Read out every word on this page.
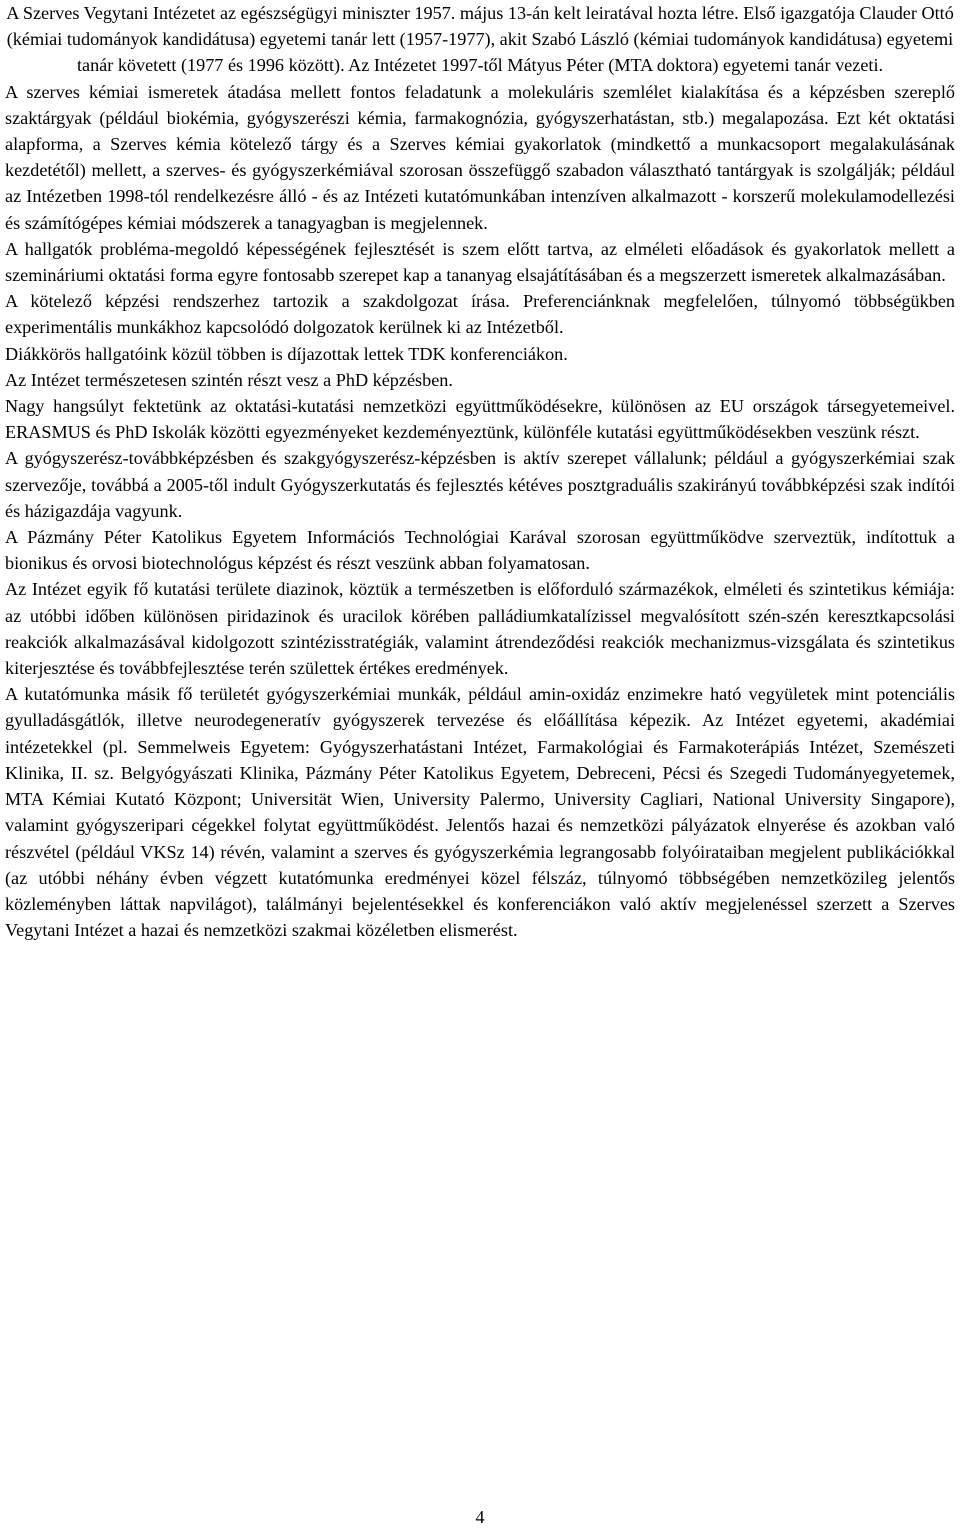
A Szerves Vegytani Intézetet az egészségügyi miniszter 1957. május 13-án kelt leiratával hozta létre. Első igazgatója Clauder Ottó (kémiai tudományok kandidátusa) egyetemi tanár lett (1957-1977), akit Szabó László (kémiai tudományok kandidátusa) egyetemi tanár követett (1977 és 1996 között). Az Intézetet 1997-től Mátyus Péter (MTA doktora) egyetemi tanár vezeti.

A szerves kémiai ismeretek átadása mellett fontos feladatunk a molekuláris szemlélet kialakítása és a képzésben szereplő szaktárgyak (például biokémia, gyógyszerészi kémia, farmakognózia, gyógyszerhatástan, stb.) megalapozása. Ezt két oktatási alapforma, a Szerves kémia kötelező tárgy és a Szerves kémiai gyakorlatok (mindkettő a munkacsoport megalakulásának kezdetétől) mellett, a szerves- és gyógyszerkémiával szorosan összefüggő szabadon választható tantárgyak is szolgálják; például az Intézetben 1998-tól rendelkezésre álló - és az Intézeti kutatómunkában intenzíven alkalmazott - korszerű molekulamodellezési és számítógépes kémiai módszerek a tanagyagban is megjelennek.

A hallgatók probléma-megoldó képességének fejlesztését is szem előtt tartva, az elméleti előadások és gyakorlatok mellett a szemináriumi oktatási forma egyre fontosabb szerepet kap a tananyag elsajátításában és a megszerzett ismeretek alkalmazásában.

A kötelező képzési rendszerhez tartozik a szakdolgozat írása. Preferenciánknak megfelelően, túlnyomó többségükben experimentális munkákhoz kapcsolódó dolgozatok kerülnek ki az Intézetből.

Diákkörös hallgatóink közül többen is díjazottak lettek TDK konferenciákon.

Az Intézet természetesen szintén részt vesz a PhD képzésben.

Nagy hangsúlyt fektetünk az oktatási-kutatási nemzetközi együttműködésekre, különösen az EU országok társegyetemeivel. ERASMUS és PhD Iskolák közötti egyezményeket kezdeményeztünk, különféle kutatási együttműködésekben veszünk részt.

A gyógyszerész-továbbképzésben és szakgyógyszerész-képzésben is aktív szerepet vállalunk; például a gyógyszerkémiai szak szervezője, továbbá a 2005-től indult Gyógyszerkutatás és fejlesztés kétéves posztgraduális szakirányú továbbképzési szak indítói és házigazdája vagyunk.

A Pázmány Péter Katolikus Egyetem Információs Technológiai Karával szorosan együttműködve szerveztük, indítottuk a bionikus és orvosi biotechnológus képzést és részt veszünk abban folyamatosan.

Az Intézet egyik fő kutatási területe diazinok, köztük a természetben is előforduló származékok, elméleti és szintetikus kémiája: az utóbbi időben különösen piridazinok és uracilok körében palládiumkatalízissel megvalósított szén-szén keresztkapcsolási reakciók alkalmazásával kidolgozott szintézisstratégiák, valamint átrendeződési reakciók mechanizmus-vizsgálata és szintetikus kiterjesztése és továbbfejlesztése terén születtek értékes eredmények.

A kutatómunka másik fő területét gyógyszerkémiai munkák, például amin-oxidáz enzimekre ható vegyületek mint potenciális gyulladásgátlók, illetve neurodegeneratív gyógyszerek tervezése és előállítása képezik. Az Intézet egyetemi, akadémiai intézetekkel (pl. Semmelweis Egyetem: Gyógyszerhatástani Intézet, Farmakológiai és Farmakoterápiás Intézet, Szemészeti Klinika, II. sz. Belgyógyászati Klinika, Pázmány Péter Katolikus Egyetem, Debreceni, Pécsi és Szegedi Tudományegyetemek, MTA Kémiai Kutató Központ; Universität Wien, University Palermo, University Cagliari, National University Singapore), valamint gyógyszeripari cégekkel folytat együttműködést. Jelentős hazai és nemzetközi pályázatok elnyerése és azokban való részvétel (például VKSz 14) révén, valamint a szerves és gyógyszerkémia legrangosabb folyóirataiban megjelent publikációkkal (az utóbbi néhány évben végzett kutatómunka eredményei közel félszáz, túlnyomó többségében nemzetközileg jelentős közleményben láttak napvilágot), találmányi bejelentésekkel és konferenciákon való aktív megjelenéssel szerzett a Szerves Vegytani Intézet a hazai és nemzetközi szakmai közéletben elismerést.

4
